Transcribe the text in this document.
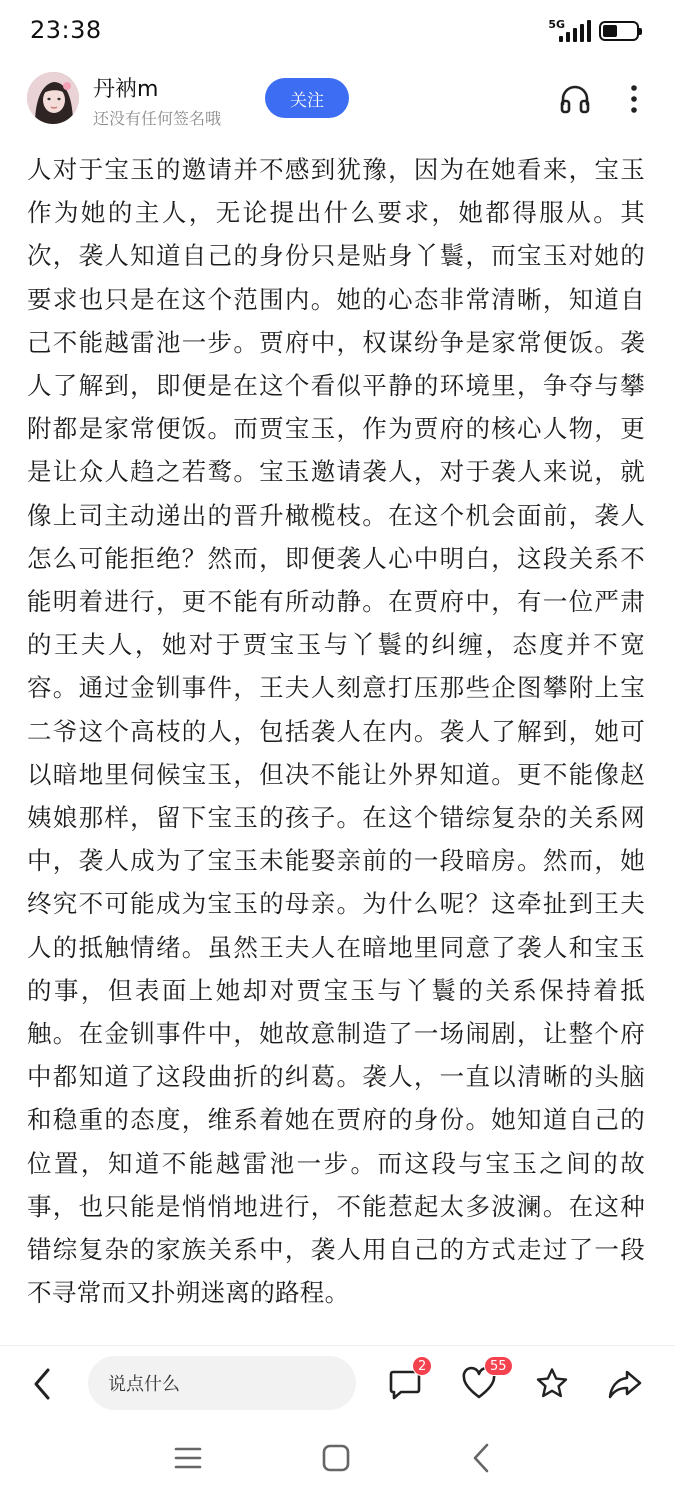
23:38	5G
丹衲m
还没有任何签名哦
关注

人对于宝玉的邀请并不感到犹豫，因为在她看来，宝玉作为她的主人，无论提出什么要求，她都得服从。其次，袭人知道自己的身份只是贴身丫鬟，而宝玉对她的要求也只是在这个范围内。她的心态非常清晰，知道自己不能越雷池一步。贾府中，权谋纷争是家常便饭。袭人了解到，即便是在这个看似平静的环境里，争夺与攀附都是家常便饭。而贾宝玉，作为贾府的核心人物，更是让众人趋之若鹜。宝玉邀请袭人，对于袭人来说，就像上司主动递出的晋升橄榄枝。在这个机会面前，袭人怎么可能拒绝？然而，即便袭人心中明白，这段关系不能明着进行，更不能有所动静。在贾府中，有一位严肃的王夫人，她对于贾宝玉与丫鬟的纠缠，态度并不宽容。通过金钏事件，王夫人刻意打压那些企图攀附上宝二爷这个高枝的人，包括袭人在内。袭人了解到，她可以暗地里伺候宝玉，但决不能让外界知道。更不能像赵姨娘那样，留下宝玉的孩子。在这个错综复杂的关系网中，袭人成为了宝玉未能娶亲前的一段暗房。然而，她终究不可能成为宝玉的母亲。为什么呢？这牵扯到王夫人的抵触情绪。虽然王夫人在暗地里同意了袭人和宝玉的事，但表面上她却对贾宝玉与丫鬟的关系保持着抵触。在金钏事件中，她故意制造了一场闹剧，让整个府中都知道了这段曲折的纠葛。袭人，一直以清晰的头脑和稳重的态度，维系着她在贾府的身份。她知道自己的位置，知道不能越雷池一步。而这段与宝玉之间的故事，也只能是悄悄地进行，不能惹起太多波澜。在这种错综复杂的家族关系中，袭人用自己的方式走过了一段不寻常而又扑朔迷离的路程。

说点什么
2	55
